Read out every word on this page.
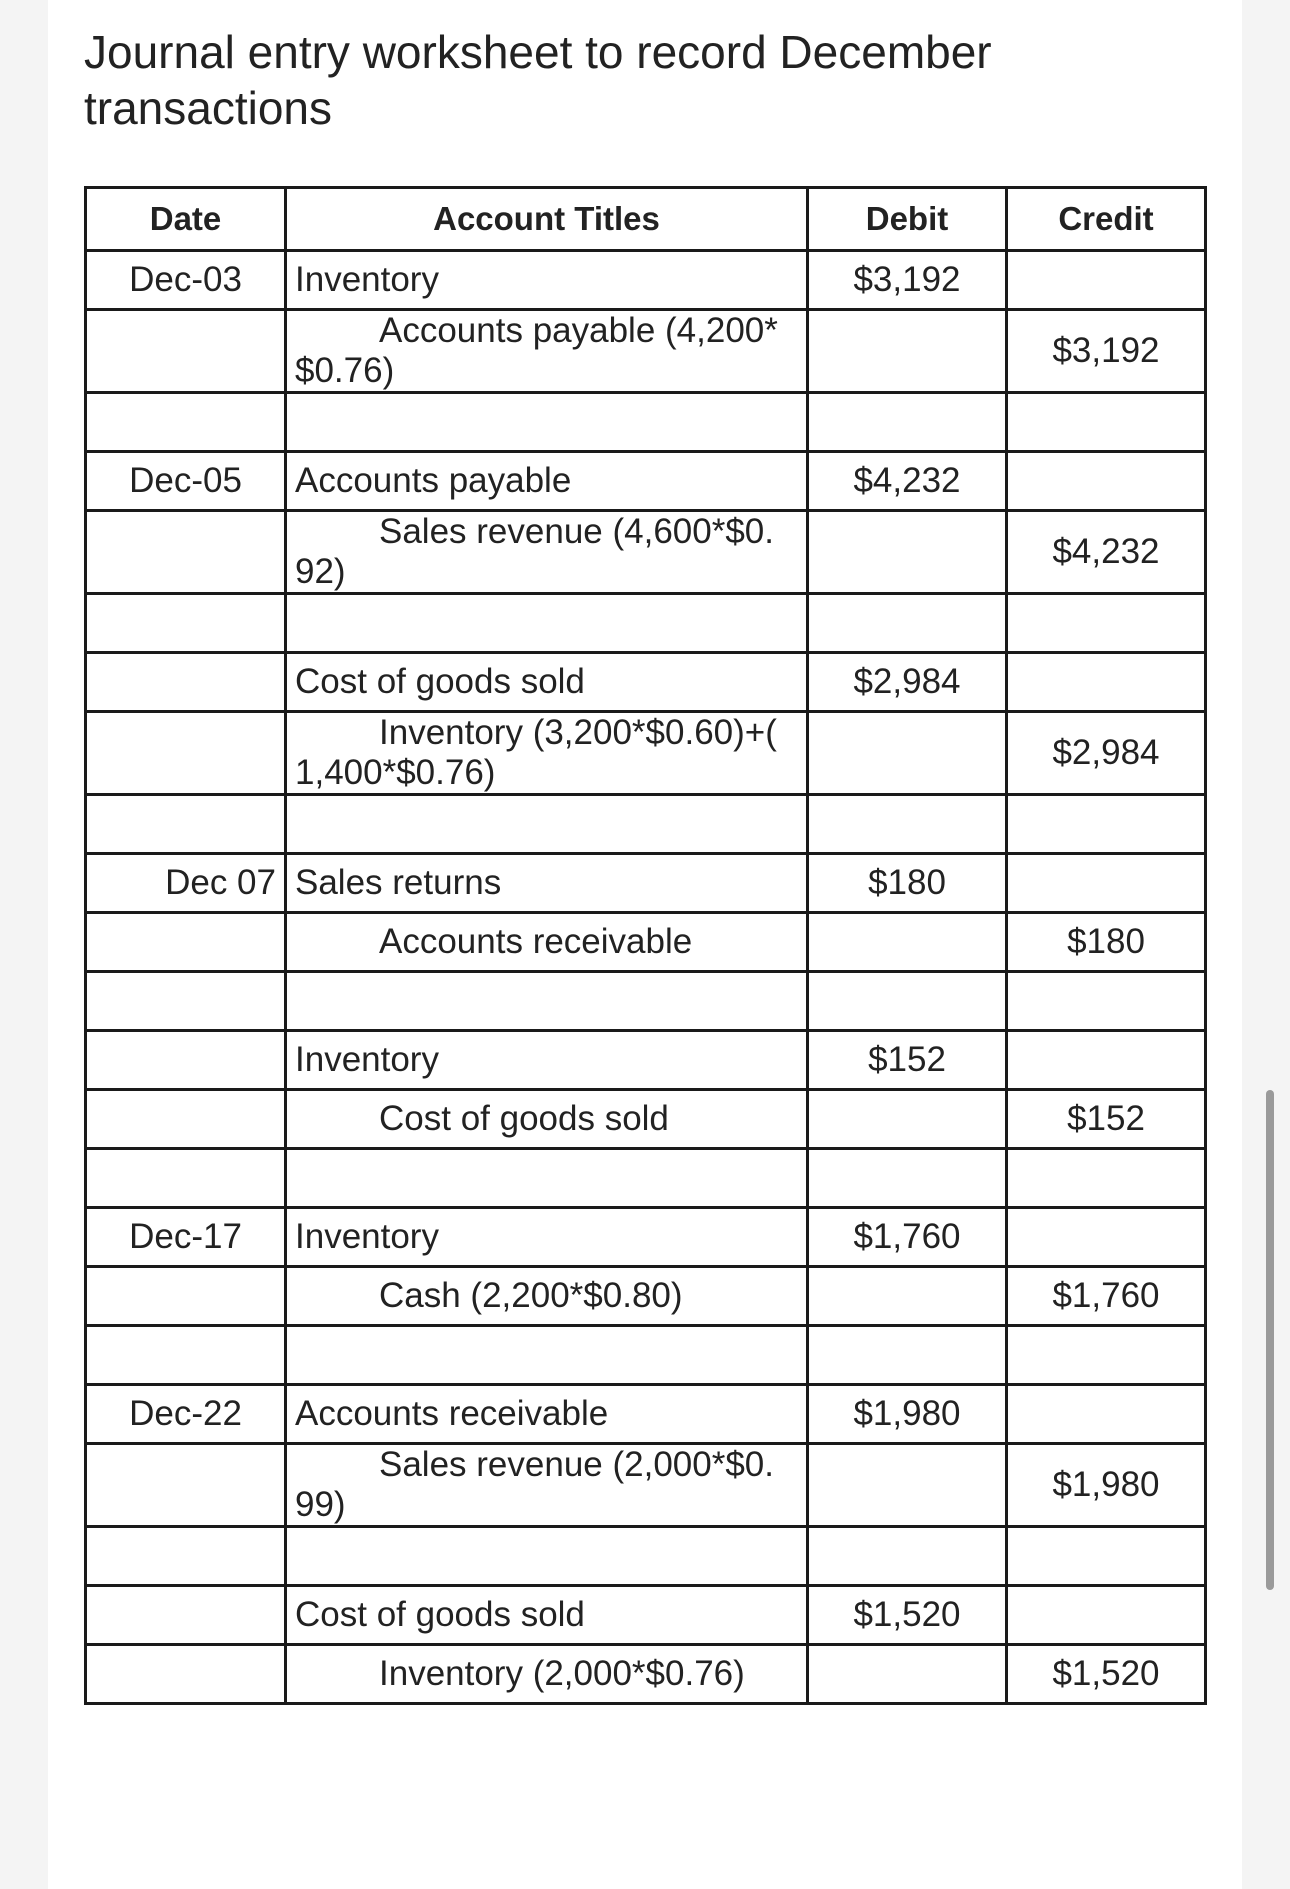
Journal entry worksheet to record December transactions
Date	Account Titles	Debit	Credit
Dec-03	Inventory	$3,192	

	Accounts payable (4,200*
$0.76)		$3,192

Dec-05	Accounts payable	$4,232	

	Sales revenue (4,600*$0.
92)		$4,232

	Cost of goods sold	$2,984	

	Inventory (3,200*$0.60)+(
1,400*$0.76)		$2,984

Dec 07	Sales returns	$180	
	Accounts receivable		$180

	Inventory	$152	
	Cost of goods sold		$152

Dec-17	Inventory	$1,760	
	Cash (2,200*$0.80)		$1,760

Dec-22	Accounts receivable	$1,980	

	Sales revenue (2,000*$0.
99)		$1,980

	Cost of goods sold	$1,520	
	Inventory (2,000*$0.76)		$1,520
